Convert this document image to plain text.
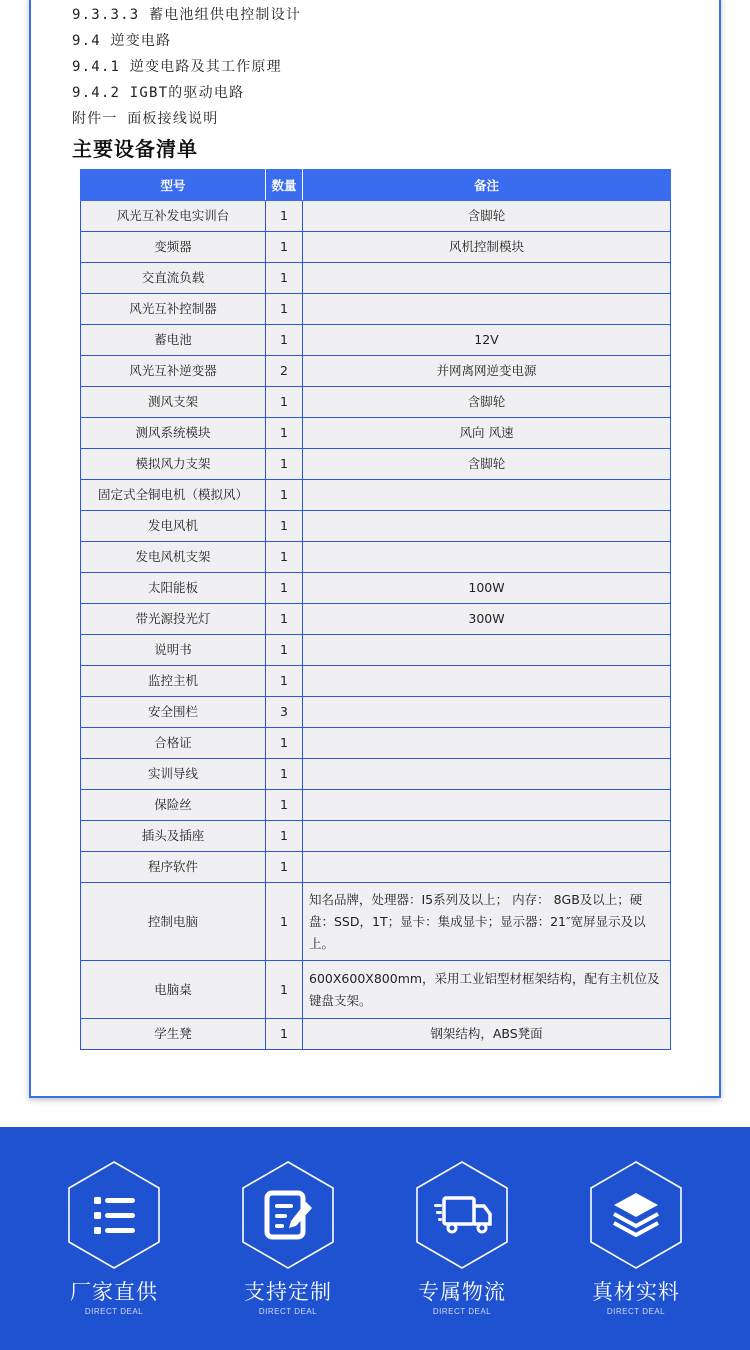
9.3.3.3 蓄电池组供电控制设计
9.4 逆变电路
9.4.1 逆变电路及其工作原理
9.4.2 IGBT的驱动电路
附件一 面板接线说明
主要设备清单
型号	数量	备注
风光互补发电实训台	1	含脚轮
变频器	1	风机控制模块
交直流负载	1	
风光互补控制器	1	
蓄电池	1	12V
风光互补逆变器	2	并网离网逆变电源
测风支架	1	含脚轮
测风系统模块	1	风向 风速
模拟风力支架	1	含脚轮
固定式全铜电机（模拟风）	1	
发电风机	1	
发电风机支架	1	
太阳能板	1	100W
带光源投光灯	1	300W
说明书	1	
监控主机	1	
安全围栏	3	
合格证	1	
实训导线	1	
保险丝	1	
插头及插座	1	
程序软件	1	
控制电脑	1	知名品牌，处理器：I5系列及以上； 内存： 8GB及以上；硬盘：SSD，1T；显卡：集成显卡；显示器：21″宽屏显示及以上。
电脑桌	1	600X600X800mm，采用工业铝型材框架结构，配有主机位及键盘支架。
学生凳	1	钢架结构，ABS凳面
厂家直供
DIRECT DEAL
支持定制
DIRECT DEAL
专属物流
DIRECT DEAL
真材实料
DIRECT DEAL
